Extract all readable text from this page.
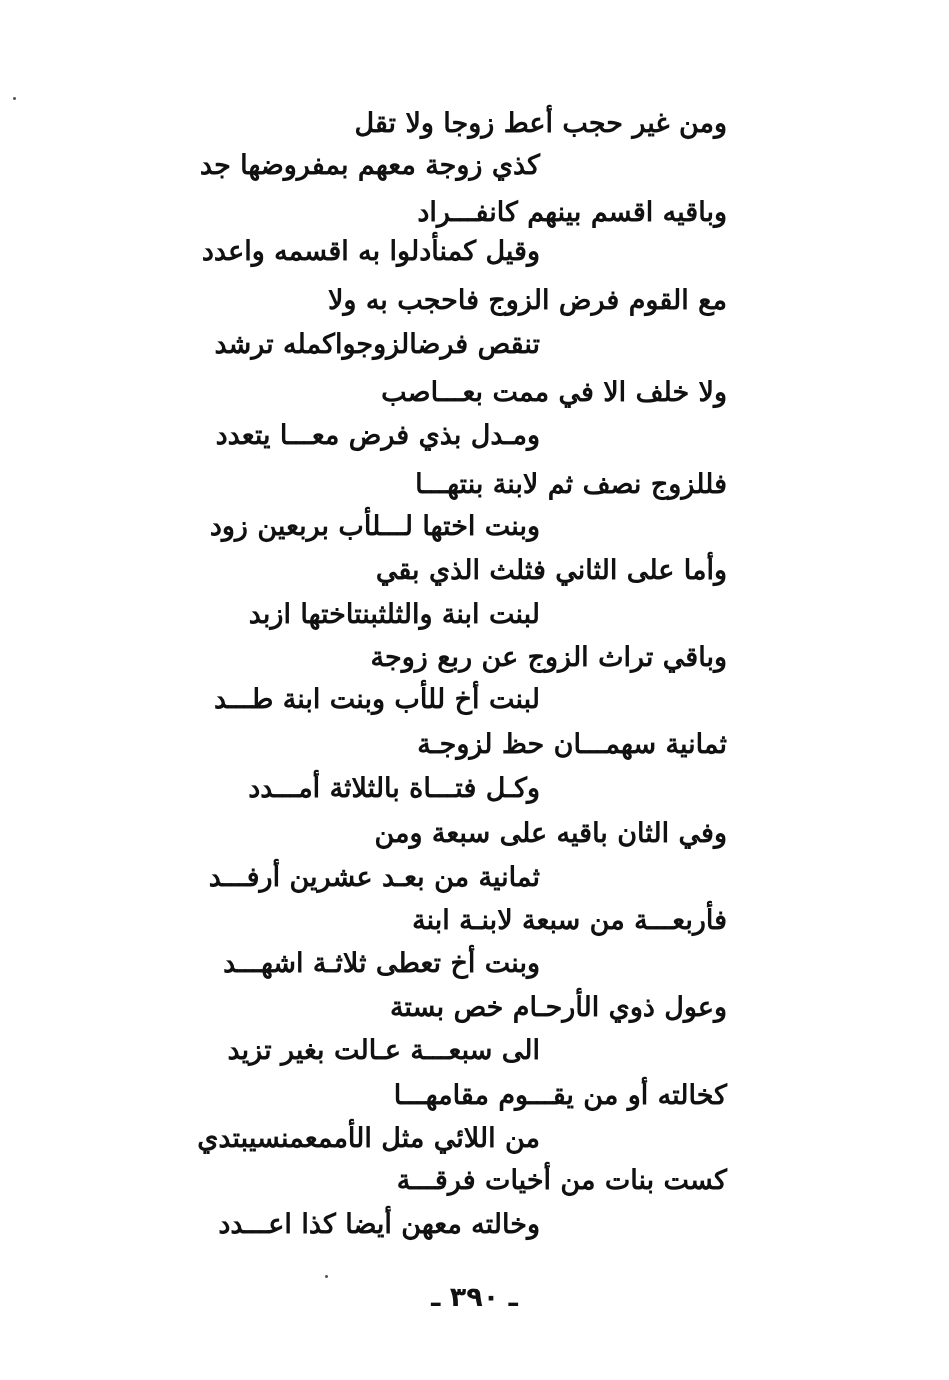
ومن غير حجب أعط زوجا ولا تقل
كذي زوجة معهم بمفروضها جد
وباقيه اقسم بينهم كانفـــراد
وقيل كمنأدلوا به اقسمه واعدد
مع القوم فرض الزوج فاحجب به ولا
تنقص فرضالزوجواكمله ترشد
ولا خلف الا في ممت بعـــاصب
ومـدل بذي فرض معـــا يتعدد
فللزوج نصف ثم لابنة بنتهـــا
وبنت اختها لـــلأب بربعين زود
وأما على الثاني فثلث الذي بقي
لبنت ابنة والثلثبنتاختها ازبد
وباقي تراث الزوج عن ربع زوجة
لبنت أخ للأب وبنت ابنة طـــد
ثمانية سهمـــان حظ لزوجـة
وكـل فتـــاة بالثلاثة أمـــدد
وفي الثان باقيه على سبعة ومن
ثمانية من بعـد عشرين أرفـــد
فأربعـــة من سبعة لابنـة ابنة
وبنت أخ تعطى ثلاثـة اشهـــد
وعول ذوي الأرحـام خص بستة
الى سبعـــة عـالت بغير تزيد
كخالته أو من يقـــوم مقامهـــا
من اللائي مثل الأممعمنسيبتدي
كست بنات من أخيات فرقـــة
وخالته معهن أيضا كذا اعـــدد
ـ ٣٩٠ ـ
